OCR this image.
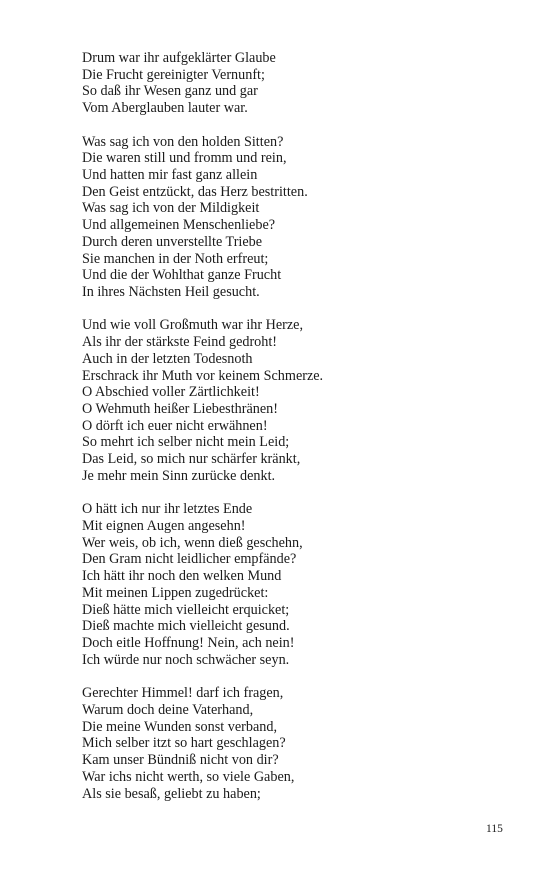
Drum war ihr aufgeklärter Glaube
Die Frucht gereinigter Vernunft;
So daß ihr Wesen ganz und gar
Vom Aberglauben lauter war.
Was sag ich von den holden Sitten?
Die waren still und fromm und rein,
Und hatten mir fast ganz allein
Den Geist entzückt, das Herz bestritten.
Was sag ich von der Mildigkeit
Und allgemeinen Menschenliebe?
Durch deren unverstellte Triebe
Sie manchen in der Noth erfreut;
Und die der Wohlthat ganze Frucht
In ihres Nächsten Heil gesucht.
Und wie voll Großmuth war ihr Herze,
Als ihr der stärkste Feind gedroht!
Auch in der letzten Todesnoth
Erschrack ihr Muth vor keinem Schmerze.
O Abschied voller Zärtlichkeit!
O Wehmuth heißer Liebesthränen!
O dörft ich euer nicht erwähnen!
So mehrt ich selber nicht mein Leid;
Das Leid, so mich nur schärfer kränkt,
Je mehr mein Sinn zurücke denkt.
O hätt ich nur ihr letztes Ende
Mit eignen Augen angesehn!
Wer weis, ob ich, wenn dieß geschehn,
Den Gram nicht leidlicher empfände?
Ich hätt ihr noch den welken Mund
Mit meinen Lippen zugedrücket:
Dieß hätte mich vielleicht erquicket;
Dieß machte mich vielleicht gesund.
Doch eitle Hoffnung! Nein, ach nein!
Ich würde nur noch schwächer seyn.
Gerechter Himmel! darf ich fragen,
Warum doch deine Vaterhand,
Die meine Wunden sonst verband,
Mich selber itzt so hart geschlagen?
Kam unser Bündniß nicht von dir?
War ichs nicht werth, so viele Gaben,
Als sie besaß, geliebt zu haben;
115
